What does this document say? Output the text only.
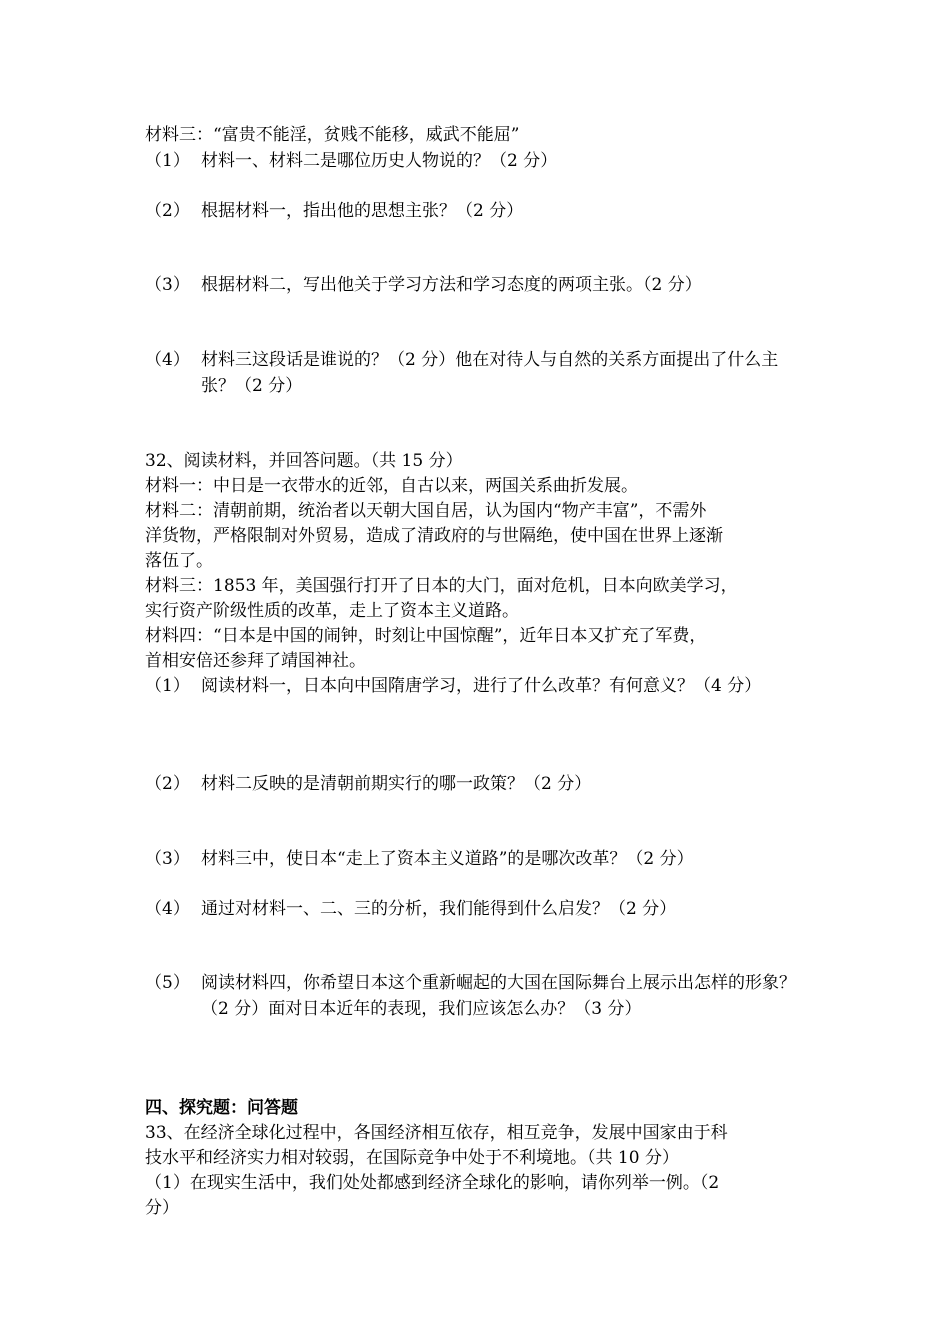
材料三：“富贵不能淫，贫贱不能移，威武不能屈”
（1） 材料一、材料二是哪位历史人物说的？（2 分）
（2） 根据材料一，指出他的思想主张？（2 分）
（3） 根据材料二，写出他关于学习方法和学习态度的两项主张。（2 分）
（4） 材料三这段话是谁说的？（2 分）他在对待人与自然的关系方面提出了什么主张？（2 分）
32、阅读材料，并回答问题。（共 15 分）
材料一：中日是一衣带水的近邻，自古以来，两国关系曲折发展。
材料二：清朝前期，统治者以天朝大国自居，认为国内“物产丰富”，不需外
洋货物，严格限制对外贸易，造成了清政府的与世隔绝，使中国在世界上逐渐
落伍了。
材料三：1853 年，美国强行打开了日本的大门，面对危机，日本向欧美学习，
实行资产阶级性质的改革，走上了资本主义道路。
材料四：“日本是中国的闹钟，时刻让中国惊醒”，近年日本又扩充了军费，
首相安倍还参拜了靖国神社。
（1） 阅读材料一，日本向中国隋唐学习，进行了什么改革？有何意义？（4 分）
（2） 材料二反映的是清朝前期实行的哪一政策？（2 分）
（3） 材料三中，使日本“走上了资本主义道路”的是哪次改革？（2 分）
（4） 通过对材料一、二、三的分析，我们能得到什么启发？（2 分）
（5） 阅读材料四，你希望日本这个重新崛起的大国在国际舞台上展示出怎样的形象？（2 分）面对日本近年的表现，我们应该怎么办？（3 分）
四、探究题：问答题
33、在经济全球化过程中，各国经济相互依存，相互竞争，发展中国家由于科
技水平和经济实力相对较弱，在国际竞争中处于不利境地。（共 10 分）
（1）在现实生活中，我们处处都感到经济全球化的影响，请你列举一例。（2
分）
